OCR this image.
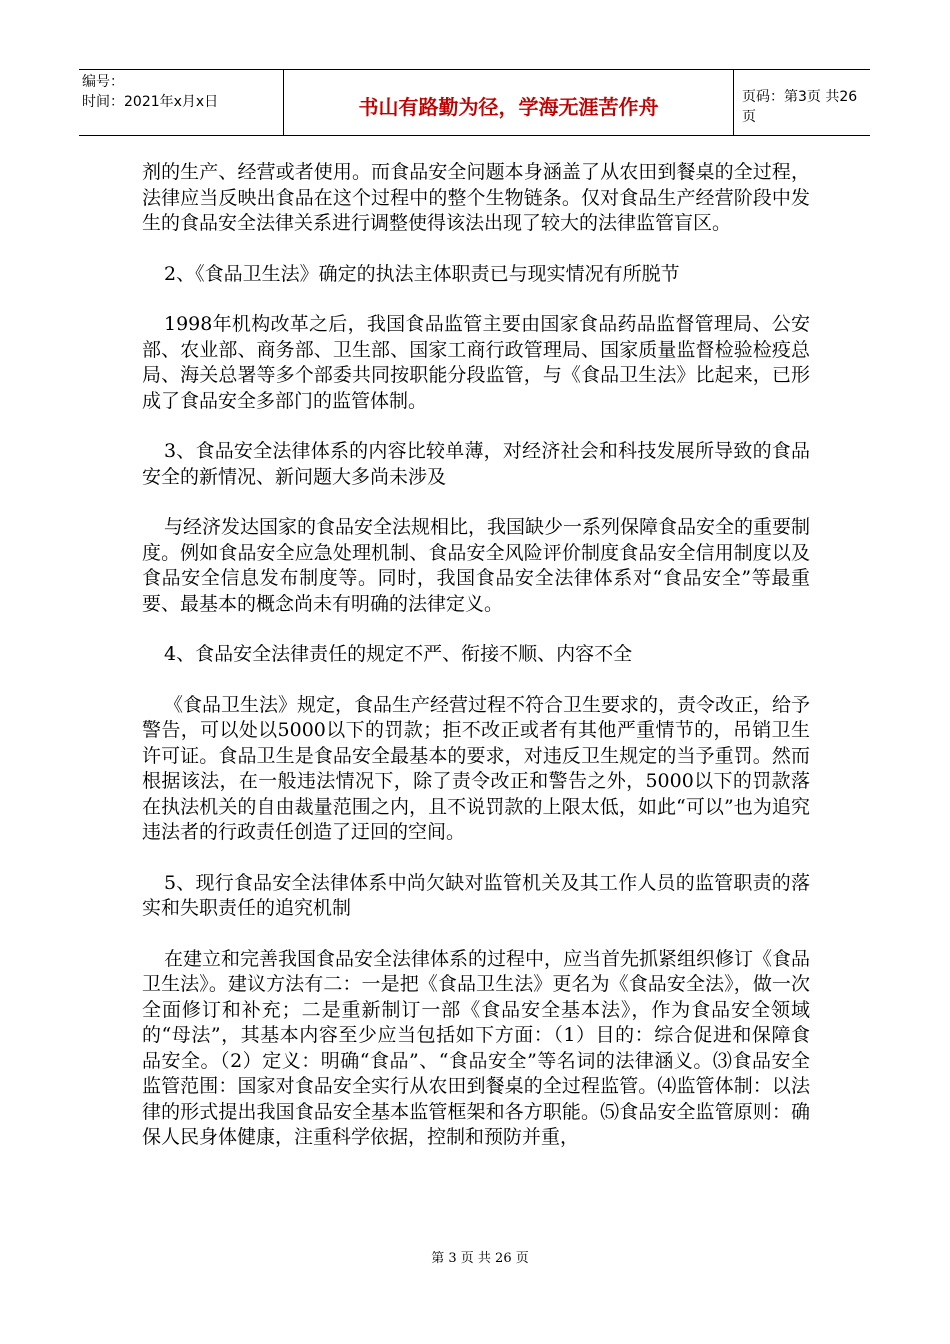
编号：
时间：2021年x月x日	书山有路勤为径，学海无涯苦作舟	页码：第3页 共26页

剂的生产、经营或者使用。而食品安全问题本身涵盖了从农田到餐桌的全过程，法律应当反映出食品在这个过程中的整个生物链条。仅对食品生产经营阶段中发生的食品安全法律关系进行调整使得该法出现了较大的法律监管盲区。

2、《食品卫生法》确定的执法主体职责已与现实情况有所脱节

1998年机构改革之后，我国食品监管主要由国家食品药品监督管理局、公安部、农业部、商务部、卫生部、国家工商行政管理局、国家质量监督检验检疫总局、海关总署等多个部委共同按职能分段监管，与《食品卫生法》比起来，已形成了食品安全多部门的监管体制。

3、食品安全法律体系的内容比较单薄，对经济社会和科技发展所导致的食品安全的新情况、新问题大多尚未涉及

与经济发达国家的食品安全法规相比，我国缺少一系列保障食品安全的重要制度。例如食品安全应急处理机制、食品安全风险评价制度食品安全信用制度以及食品安全信息发布制度等。同时，我国食品安全法律体系对“食品安全”等最重要、最基本的概念尚未有明确的法律定义。

4、食品安全法律责任的规定不严、衔接不顺、内容不全

《食品卫生法》规定，食品生产经营过程不符合卫生要求的，责令改正，给予警告，可以处以5000以下的罚款；拒不改正或者有其他严重情节的，吊销卫生许可证。食品卫生是食品安全最基本的要求，对违反卫生规定的当予重罚。然而根据该法，在一般违法情况下，除了责令改正和警告之外，5000以下的罚款落在执法机关的自由裁量范围之内，且不说罚款的上限太低，如此“可以”也为追究违法者的行政责任创造了迂回的空间。

5、现行食品安全法律体系中尚欠缺对监管机关及其工作人员的监管职责的落实和失职责任的追究机制

在建立和完善我国食品安全法律体系的过程中，应当首先抓紧组织修订《食品卫生法》。建议方法有二：一是把《食品卫生法》更名为《食品安全法》，做一次全面修订和补充；二是重新制订一部《食品安全基本法》，作为食品安全领域的“母法”，其基本内容至少应当包括如下方面：（1）目的：综合促进和保障食品安全。（2）定义：明确“食品”、“食品安全”等名词的法律涵义。⑶食品安全监管范围：国家对食品安全实行从农田到餐桌的全过程监管。⑷监管体制：以法律的形式提出我国食品安全基本监管框架和各方职能。⑸食品安全监管原则：确保人民身体健康，注重科学依据，控制和预防并重，

第 3 页 共 26 页
